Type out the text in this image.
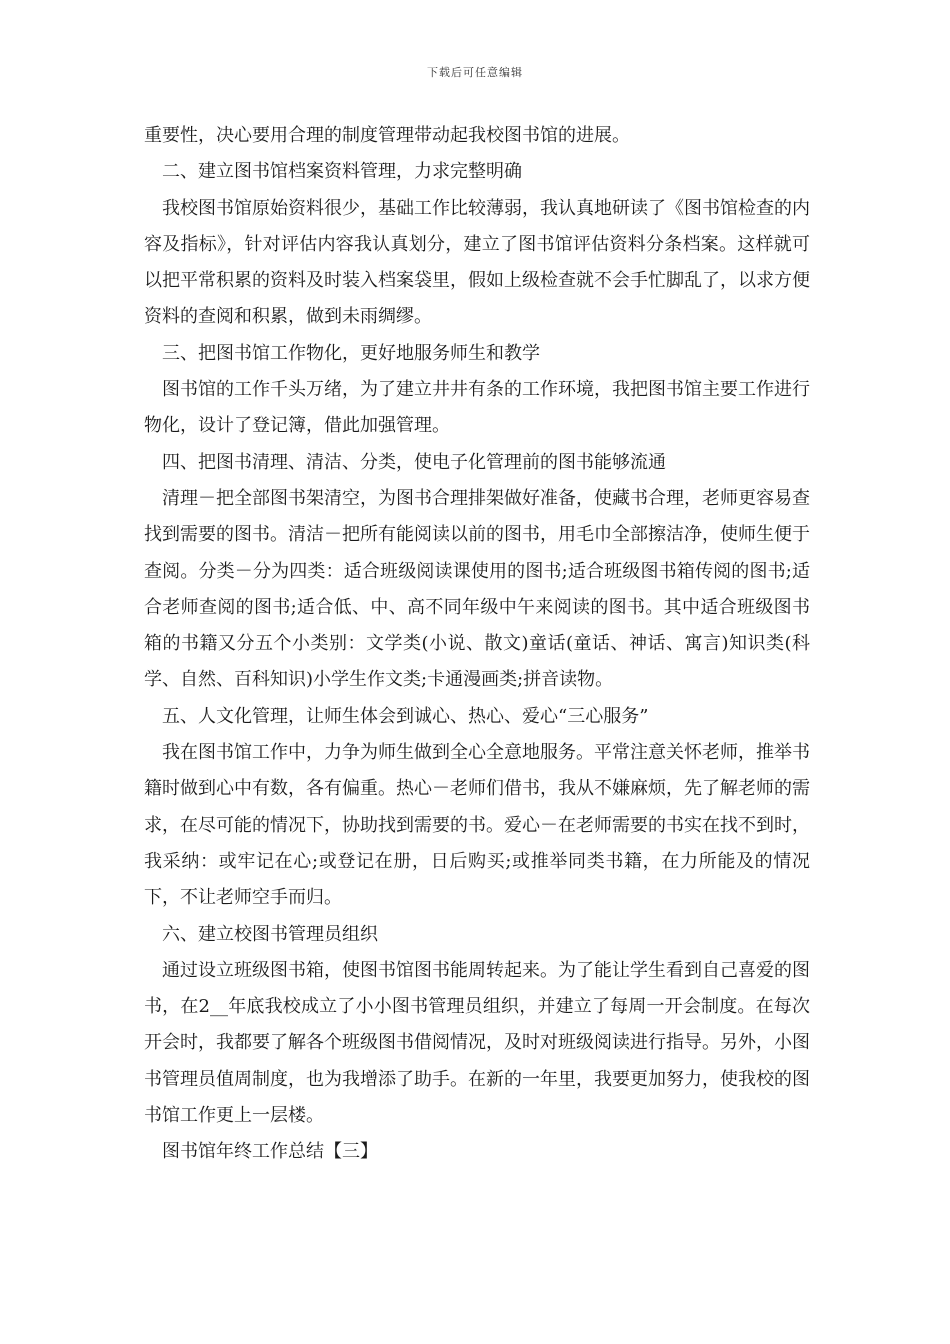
下载后可任意编辑

重要性，决心要用合理的制度管理带动起我校图书馆的进展。

二、建立图书馆档案资料管理，力求完整明确

我校图书馆原始资料很少，基础工作比较薄弱，我认真地研读了《图书馆检查的内容及指标》，针对评估内容我认真划分，建立了图书馆评估资料分条档案。这样就可以把平常积累的资料及时装入档案袋里，假如上级检查就不会手忙脚乱了，以求方便资料的查阅和积累，做到未雨绸缪。

三、把图书馆工作物化，更好地服务师生和教学

图书馆的工作千头万绪，为了建立井井有条的工作环境，我把图书馆主要工作进行物化，设计了登记簿，借此加强管理。

四、把图书清理、清洁、分类，使电子化管理前的图书能够流通

清理－把全部图书架清空，为图书合理排架做好准备，使藏书合理，老师更容易查找到需要的图书。清洁－把所有能阅读以前的图书，用毛巾全部擦洁净，使师生便于查阅。分类－分为四类：适合班级阅读课使用的图书;适合班级图书箱传阅的图书;适合老师查阅的图书;适合低、中、高不同年级中午来阅读的图书。其中适合班级图书箱的书籍又分五个小类别：文学类(小说、散文)童话(童话、神话、寓言)知识类(科学、自然、百科知识)小学生作文类;卡通漫画类;拼音读物。

五、人文化管理，让师生体会到诚心、热心、爱心“三心服务”

我在图书馆工作中，力争为师生做到全心全意地服务。平常注意关怀老师，推举书籍时做到心中有数，各有偏重。热心－老师们借书，我从不嫌麻烦，先了解老师的需求，在尽可能的情况下，协助找到需要的书。爱心－在老师需要的书实在找不到时，我采纳：或牢记在心;或登记在册，日后购买;或推举同类书籍，在力所能及的情况下，不让老师空手而归。

六、建立校图书管理员组织

通过设立班级图书箱，使图书馆图书能周转起来。为了能让学生看到自己喜爱的图书，在2__年底我校成立了小小图书管理员组织，并建立了每周一开会制度。在每次开会时，我都要了解各个班级图书借阅情况，及时对班级阅读进行指导。另外，小图书管理员值周制度，也为我增添了助手。在新的一年里，我要更加努力，使我校的图书馆工作更上一层楼。

图书馆年终工作总结【三】
